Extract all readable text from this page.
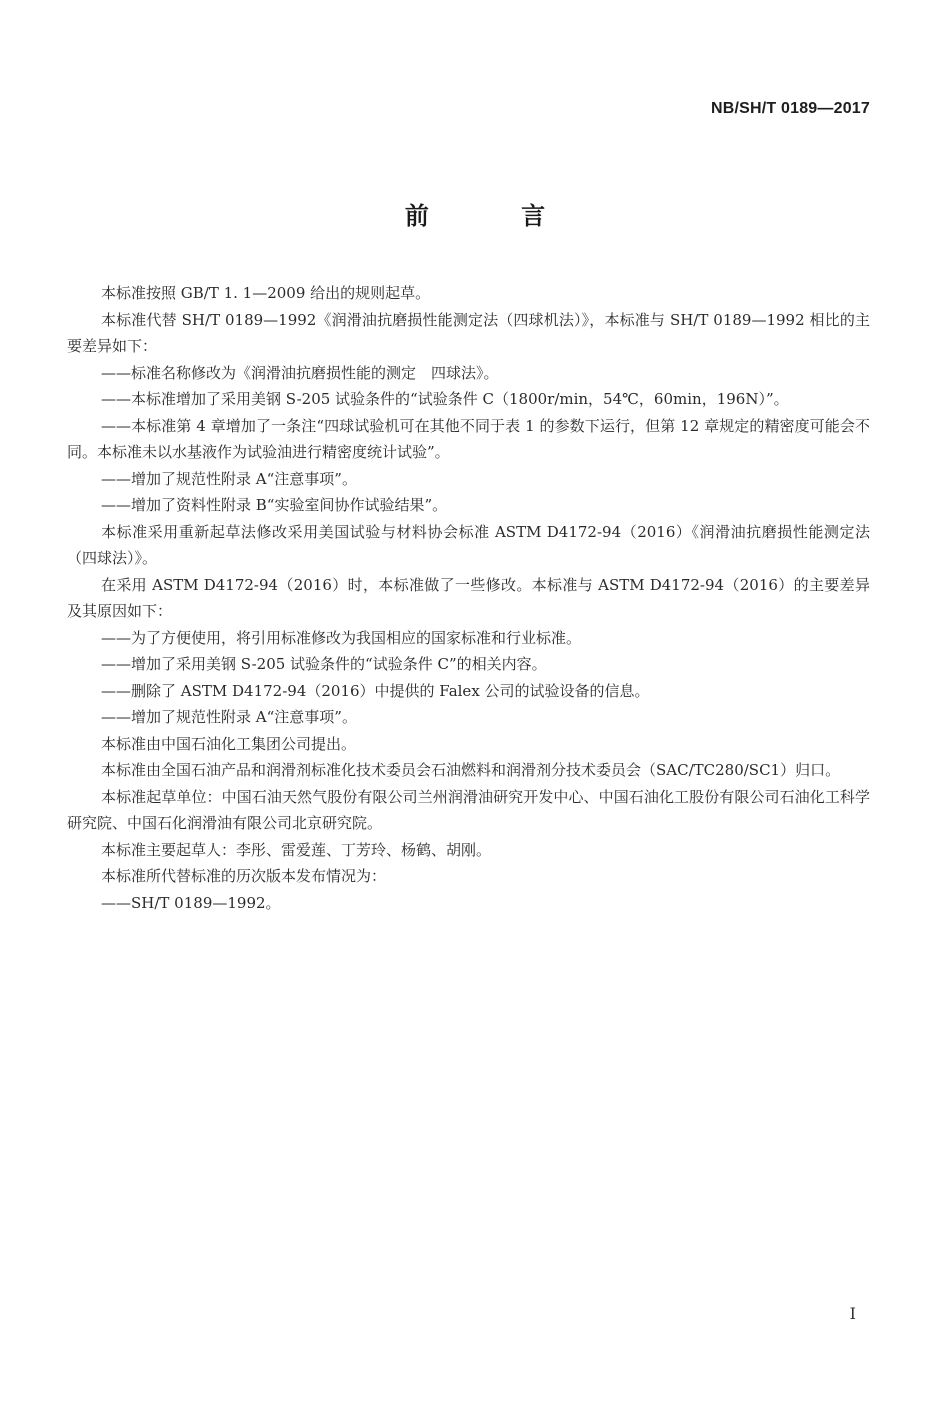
NB/SH/T 0189—2017
前 言

本标准按照 GB/T 1. 1—2009 给出的规则起草。

本标准代替 SH/T 0189—1992《润滑油抗磨损性能测定法（四球机法）》，本标准与 SH/T 0189—1992 相比的主要差异如下：

——标准名称修改为《润滑油抗磨损性能的测定　四球法》。

——本标准增加了采用美钢 S-205 试验条件的“试验条件 C（1800r/min，54℃，60min，196N）”。

——本标准第 4 章增加了一条注“四球试验机可在其他不同于表 1 的参数下运行，但第 12 章规定的精密度可能会不同。本标准未以水基液作为试验油进行精密度统计试验”。

——增加了规范性附录 A“注意事项”。

——增加了资料性附录 B“实验室间协作试验结果”。

本标准采用重新起草法修改采用美国试验与材料协会标准 ASTM D4172-94（2016）《润滑油抗磨损性能测定法（四球法）》。

在采用 ASTM D4172-94（2016）时，本标准做了一些修改。本标准与 ASTM D4172-94（2016）的主要差异及其原因如下：

——为了方便使用，将引用标准修改为我国相应的国家标准和行业标准。

——增加了采用美钢 S-205 试验条件的“试验条件 C”的相关内容。

——删除了 ASTM D4172-94（2016）中提供的 Falex 公司的试验设备的信息。

——增加了规范性附录 A“注意事项”。

本标准由中国石油化工集团公司提出。

本标准由全国石油产品和润滑剂标准化技术委员会石油燃料和润滑剂分技术委员会（SAC/TC280/SC1）归口。

本标准起草单位：中国石油天然气股份有限公司兰州润滑油研究开发中心、中国石油化工股份有限公司石油化工科学研究院、中国石化润滑油有限公司北京研究院。

本标准主要起草人：李彤、雷爱莲、丁芳玲、杨鹤、胡刚。

本标准所代替标准的历次版本发布情况为：

——SH/T 0189—1992。

I
